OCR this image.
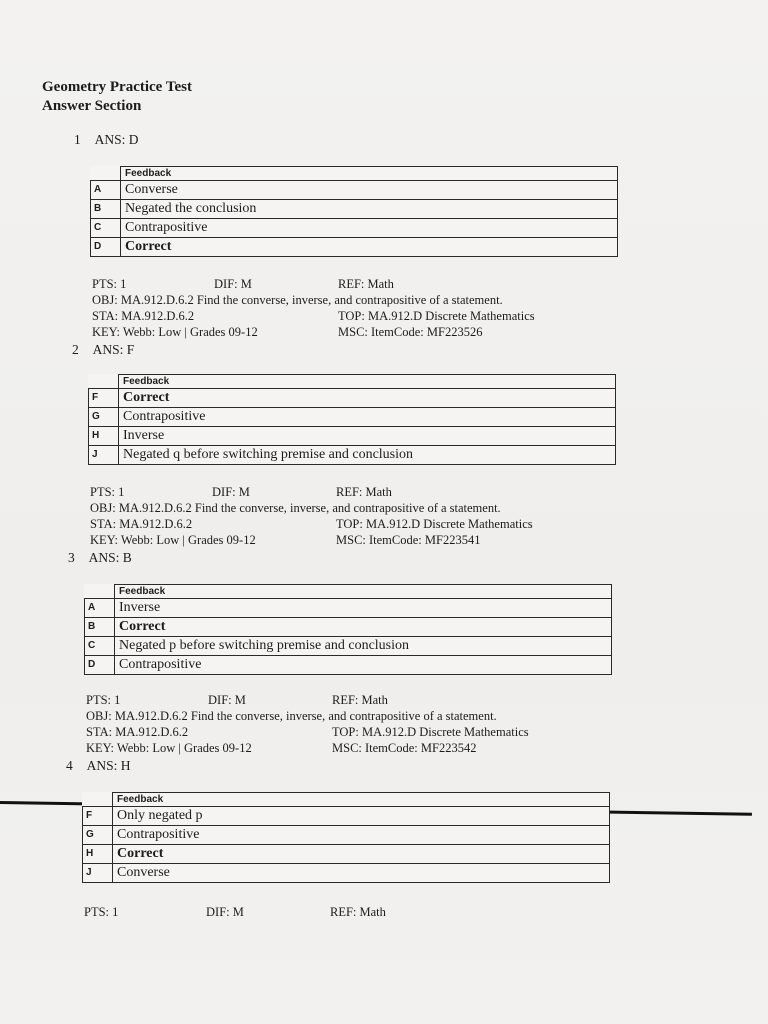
Geometry Practice Test
Answer Section
1 ANS: D
	Feedback
A	Converse
B	Negated the conclusion
C	Contrapositive
D	Correct
PTS: 1	DIF: M	REF: Math
OBJ: MA.912.D.6.2 Find the converse, inverse, and contrapositive of a statement.
STA: MA.912.D.6.2	TOP: MA.912.D Discrete Mathematics
KEY: Webb: Low | Grades 09-12	MSC: ItemCode: MF223526
2 ANS: F
	Feedback
F	Correct
G	Contrapositive
H	Inverse
J	Negated q before switching premise and conclusion
PTS: 1	DIF: M	REF: Math
OBJ: MA.912.D.6.2 Find the converse, inverse, and contrapositive of a statement.
STA: MA.912.D.6.2	TOP: MA.912.D Discrete Mathematics
KEY: Webb: Low | Grades 09-12	MSC: ItemCode: MF223541
3 ANS: B
	Feedback
A	Inverse
B	Correct
C	Negated p before switching premise and conclusion
D	Contrapositive
PTS: 1	DIF: M	REF: Math
OBJ: MA.912.D.6.2 Find the converse, inverse, and contrapositive of a statement.
STA: MA.912.D.6.2	TOP: MA.912.D Discrete Mathematics
KEY: Webb: Low | Grades 09-12	MSC: ItemCode: MF223542
4 ANS: H
	Feedback
F	Only negated p
G	Contrapositive
H	Correct
J	Converse
PTS: 1	DIF: M	REF: Math
